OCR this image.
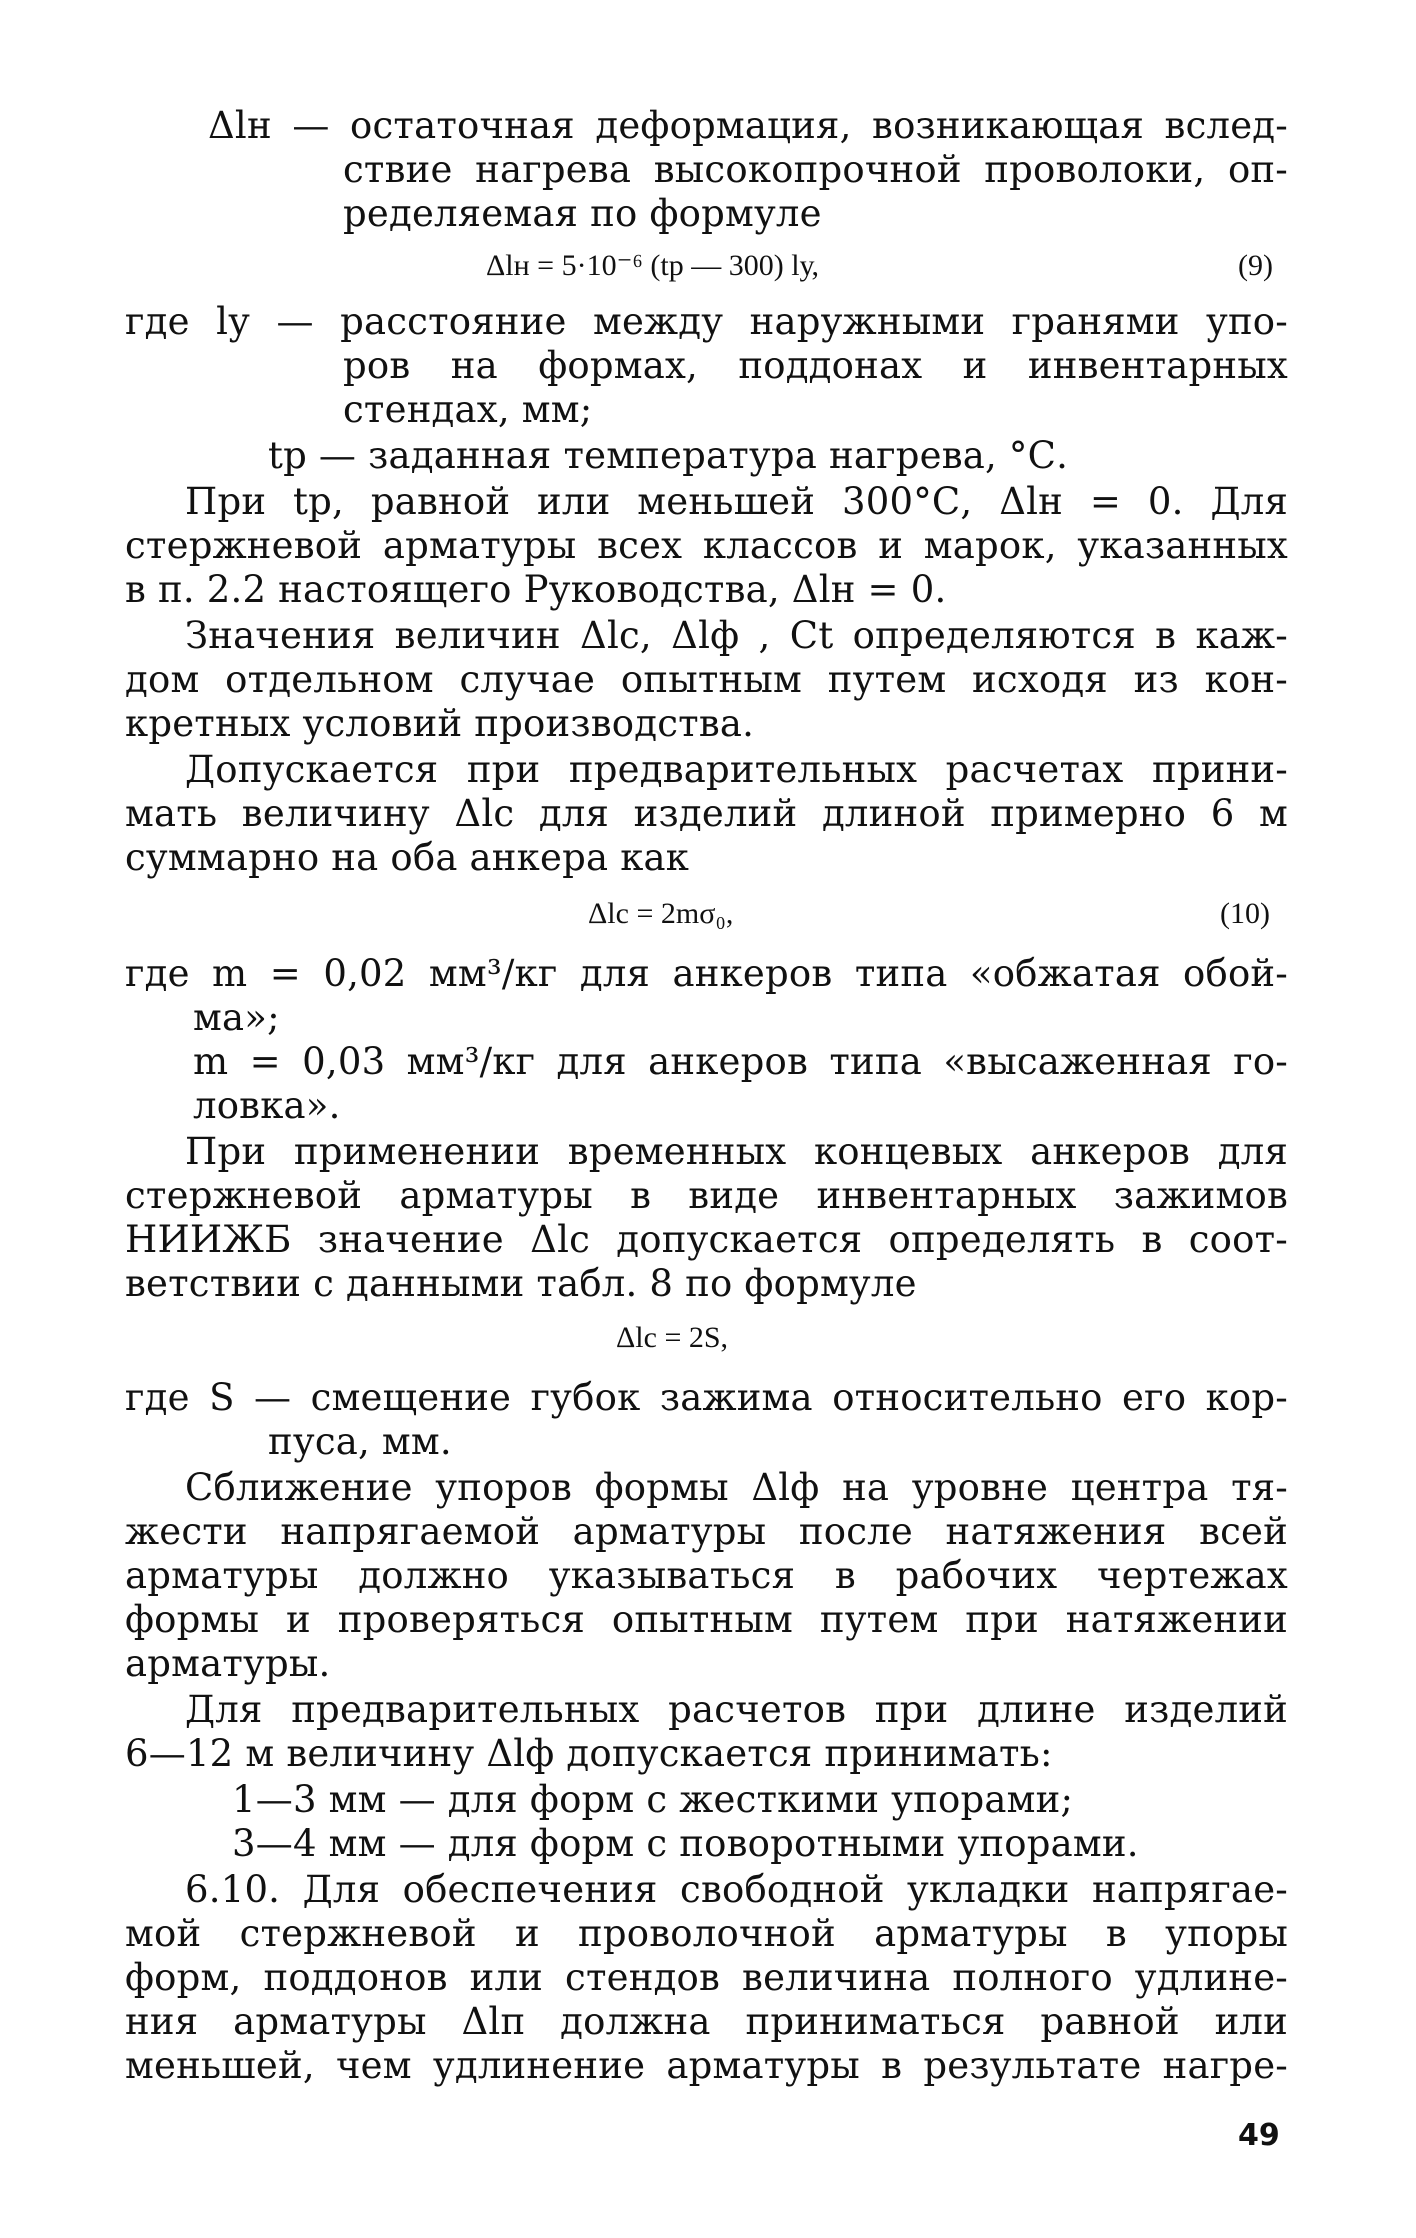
Δlн — остаточная деформация, возникающая вслед-
ствие нагрева высокопрочной проволоки, оп-
ределяемая по формуле
Δlн = 5·10⁻⁶ (tр — 300) lу,	(9)
где lу — расстояние между наружными гранями упо-
ров на формах, поддонах и инвентарных
стендах, мм;
tр — заданная температура нагрева, °С.
При tр, равной или меньшей 300°С, Δlн = 0. Для
стержневой арматуры всех классов и марок, указанных
в п. 2.2 настоящего Руководства, Δlн = 0.
Значения величин Δlс, Δlф , Сt определяются в каж-
дом отдельном случае опытным путем исходя из кон-
кретных условий производства.
Допускается при предварительных расчетах прини-
мать величину Δlс для изделий длиной примерно 6 м
суммарно на оба анкера как
Δlс = 2mσ₀,	(10)
где m = 0,02 мм³/кг для анкеров типа «обжатая обой-
ма»;
m = 0,03 мм³/кг для анкеров типа «высаженная го-
ловка».
При применении временных концевых анкеров для
стержневой арматуры в виде инвентарных зажимов
НИИЖБ значение Δlс допускается определять в соот-
ветствии с данными табл. 8 по формуле
Δlс = 2S,
где S — смещение губок зажима относительно его кор-
пуса, мм.
Сближение упоров формы Δlф на уровне центра тя-
жести напрягаемой арматуры после натяжения всей
арматуры должно указываться в рабочих чертежах
формы и проверяться опытным путем при натяжении
арматуры.
Для предварительных расчетов при длине изделий
6—12 м величину Δlф допускается принимать:
1—3 мм — для форм с жесткими упорами;
3—4 мм — для форм с поворотными упорами.
6.10. Для обеспечения свободной укладки напрягае-
мой стержневой и проволочной арматуры в упоры
форм, поддонов или стендов величина полного удлине-
ния арматуры Δlп должна приниматься равной или
меньшей, чем удлинение арматуры в результате нагре-
49
